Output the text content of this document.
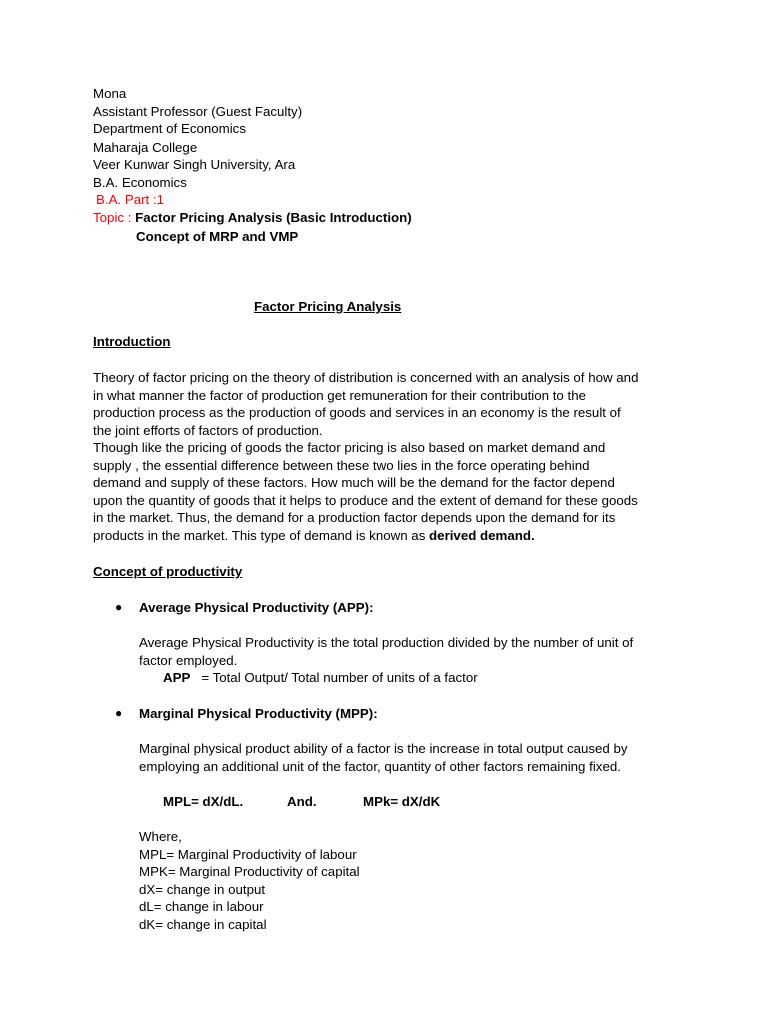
Mona
Assistant Professor (Guest Faculty)
Department of Economics
Maharaja College
Veer Kunwar Singh University, Ara
B.A. Economics
B.A. Part :1
Topic : Factor Pricing Analysis (Basic Introduction)
Concept of MRP and VMP
Factor Pricing Analysis
Introduction
Theory of factor pricing on the theory of distribution is concerned with an analysis of how and
in what manner the factor of production get remuneration for their contribution to the
production process as the production of goods and services in an economy is the result of
the joint efforts of factors of production.
Though like the pricing of goods the factor pricing is also based on market demand and
supply , the essential difference between these two lies in the force operating behind
demand and supply of these factors. How much will be the demand for the factor depend
upon the quantity of goods that it helps to produce and the extent of demand for these goods
in the market. Thus, the demand for a production factor depends upon the demand for its
products in the market. This type of demand is known as derived demand.
Concept of productivity
● Average Physical Productivity (APP):
Average Physical Productivity is the total production divided by the number of unit of
factor employed.
APP = Total Output/ Total number of units of a factor
● Marginal Physical Productivity (MPP):
Marginal physical product ability of a factor is the increase in total output caused by
employing an additional unit of the factor, quantity of other factors remaining fixed.
MPL= dX/dL.	And.	MPk= dX/dK
Where,
MPL= Marginal Productivity of labour
MPK= Marginal Productivity of capital
dX= change in output
dL= change in labour
dK= change in capital
